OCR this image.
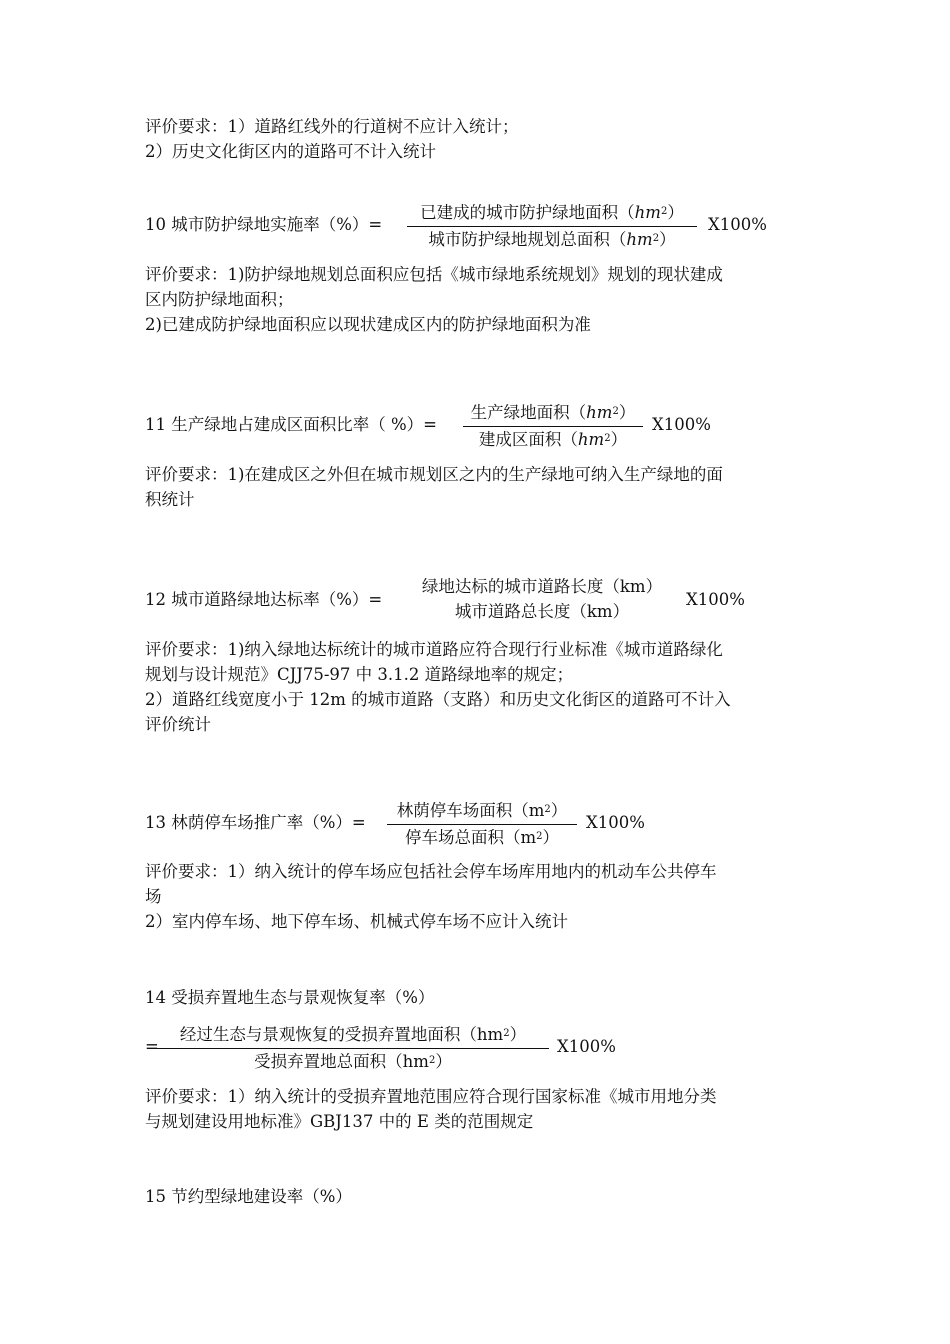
评价要求：1）道路红线外的行道树不应计入统计；
2）历史文化街区内的道路可不计入统计
10 城市防护绿地实施率（%）=
已建成的城市防护绿地面积$(hm^2)$
城市防护绿地规划总面积$(hm^2)$
X100%
评价要求：1)防护绿地规划总面积应包括《城市绿地系统规划》规划的现状建成
区内防护绿地面积；
2)已建成防护绿地面积应以现状建成区内的防护绿地面积为准
11 生产绿地占建成区面积比率（ %）=
生产绿地面积$(hm^2)$
建成区面积$(hm^2)$
X100%
评价要求：1)在建成区之外但在城市规划区之内的生产绿地可纳入生产绿地的面
积统计
12 城市道路绿地达标率（%）=
绿地达标的城市道路长度（km）
城市道路总长度（km）
X100%
评价要求：1)纳入绿地达标统计的城市道路应符合现行行业标准《城市道路绿化
规划与设计规范》CJJ75-97 中 3.1.2 道路绿地率的规定；
2）道路红线宽度小于 12m 的城市道路（支路）和历史文化街区的道路可不计入
评价统计
13 林荫停车场推广率（%）=
林荫停车场面积$(m^2)$
停车场总面积$(m^2)$
X100%
评价要求：1）纳入统计的停车场应包括社会停车场库用地内的机动车公共停车
场
2）室内停车场、地下停车场、机械式停车场不应计入统计
14 受损弃置地生态与景观恢复率（%）
=
经过生态与景观恢复的受损弃置地面积$(hm^2)$
受损弃置地总面积$(hm^2)$
X100%
评价要求：1）纳入统计的受损弃置地范围应符合现行国家标准《城市用地分类
与规划建设用地标准》GBJ137 中的 E 类的范围规定
15 节约型绿地建设率（%）
